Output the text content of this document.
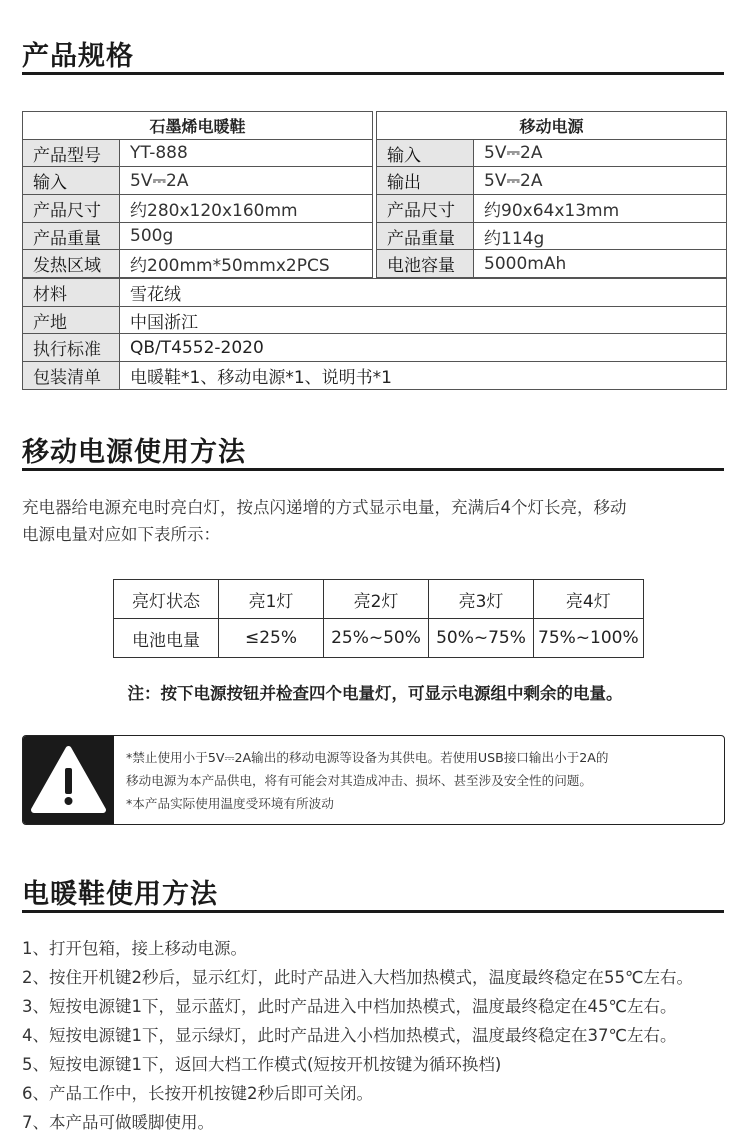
产品规格
石墨烯电暖鞋	
产品型号	YT-888
输入	5V⎓2A
产品尺寸	约280x120x160mm
产品重量	500g
发热区域	约200mm*50mmx2PCS
移动电源	
输入	5V⎓2A
输出	5V⎓2A
产品尺寸	约90x64x13mm
产品重量	约114g
电池容量	5000mAh
材料	雪花绒
产地	中国浙江
执行标准	QB/T4552-2020
包装清单	电暖鞋*1、移动电源*1、说明书*1
移动电源使用方法
充电器给电源充电时亮白灯，按点闪递增的方式显示电量，充满后4个灯长亮，移动
电源电量对应如下表所示：
亮灯状态	亮1灯	亮2灯	亮3灯	亮4灯
电池电量	≤25%	25%~50%	50%~75%	75%~100%
注：按下电源按钮并检查四个电量灯，可显示电源组中剩余的电量。
*禁止使用小于5V⎓2A输出的移动电源等设备为其供电。若使用USB接口输出小于2A的
移动电源为本产品供电，将有可能会对其造成冲击、损坏、甚至涉及安全性的问题。
*本产品实际使用温度受环境有所波动
电暖鞋使用方法
1、打开包箱，接上移动电源。
2、按住开机键2秒后，显示红灯，此时产品进入大档加热模式，温度最终稳定在55℃左右。
3、短按电源键1下，显示蓝灯，此时产品进入中档加热模式，温度最终稳定在45℃左右。
4、短按电源键1下，显示绿灯，此时产品进入小档加热模式，温度最终稳定在37℃左右。
5、短按电源键1下，返回大档工作模式(短按开机按键为循环换档)
6、产品工作中，长按开机按键2秒后即可关闭。
7、本产品可做暖脚使用。
